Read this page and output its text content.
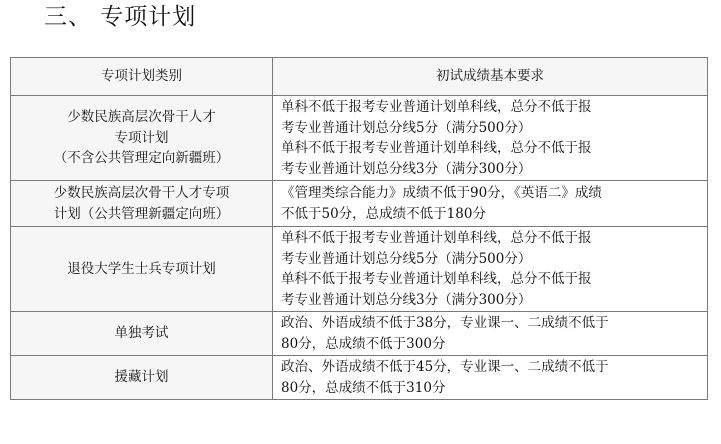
三、 专项计划
专项计划类别	初试成绩基本要求

少数民族高层次骨干人才
专项计划
（不含公共管理定向新疆班）	单科不低于报考专业普通计划单科线，总分不低于报
考专业普通计划总分线5分（满分500分）
单科不低于报考专业普通计划单科线，总分不低于报
考专业普通计划总分线3分（满分300分）

少数民族高层次骨干人才专项
计划（公共管理新疆定向班）	《管理类综合能力》成绩不低于90分，《英语二》成绩
不低于50分，总成绩不低于180分

退役大学生士兵专项计划	单科不低于报考专业普通计划单科线，总分不低于报
考专业普通计划总分线5分（满分500分）
单科不低于报考专业普通计划单科线，总分不低于报
考专业普通计划总分线3分（满分300分）

单独考试	政治、外语成绩不低于38分，专业课一、二成绩不低于
80分，总成绩不低于300分

援藏计划	政治、外语成绩不低于45分，专业课一、二成绩不低于
80分，总成绩不低于310分
